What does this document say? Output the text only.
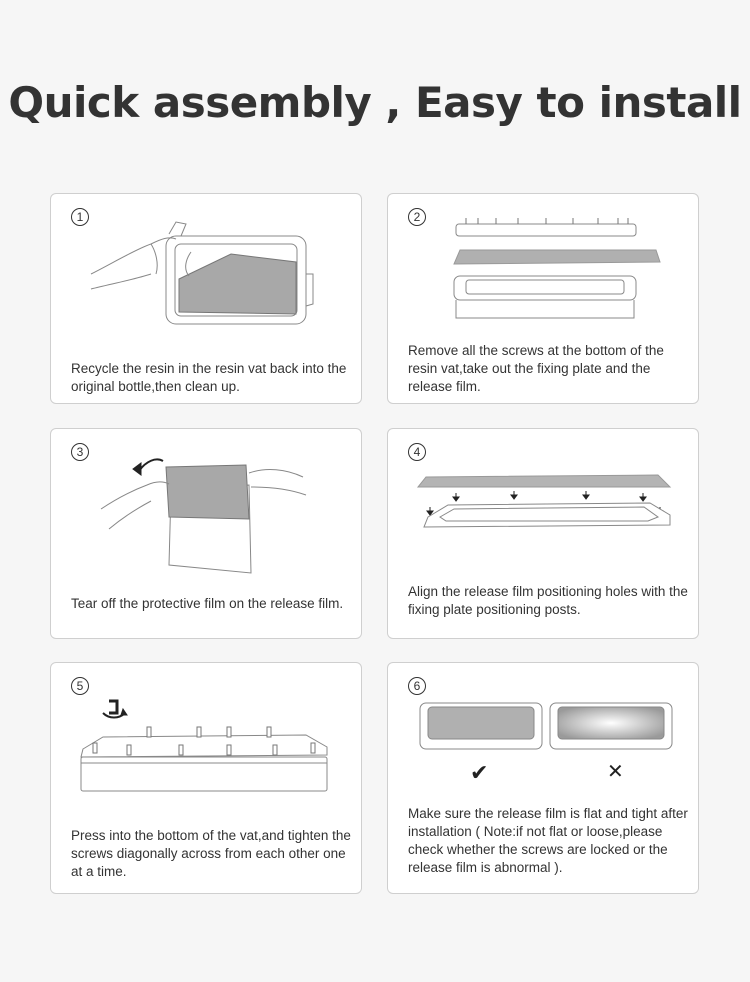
Quick assembly , Easy to install
1
Recycle the resin in the resin vat back into the original bottle,then clean up.
2
Remove all the screws at the bottom of the resin vat,take out the fixing plate and the release film.
3
Tear off the protective film on the release film.
4
Align the release film positioning holes with the fixing plate positioning posts.
5
Press into the bottom of the vat,and tighten the screws diagonally across from each other one at a time.
6
✔	✕
Make sure the release film is flat and tight after installation ( Note:if not flat or loose,please check whether the screws are locked or the release film is abnormal ).
